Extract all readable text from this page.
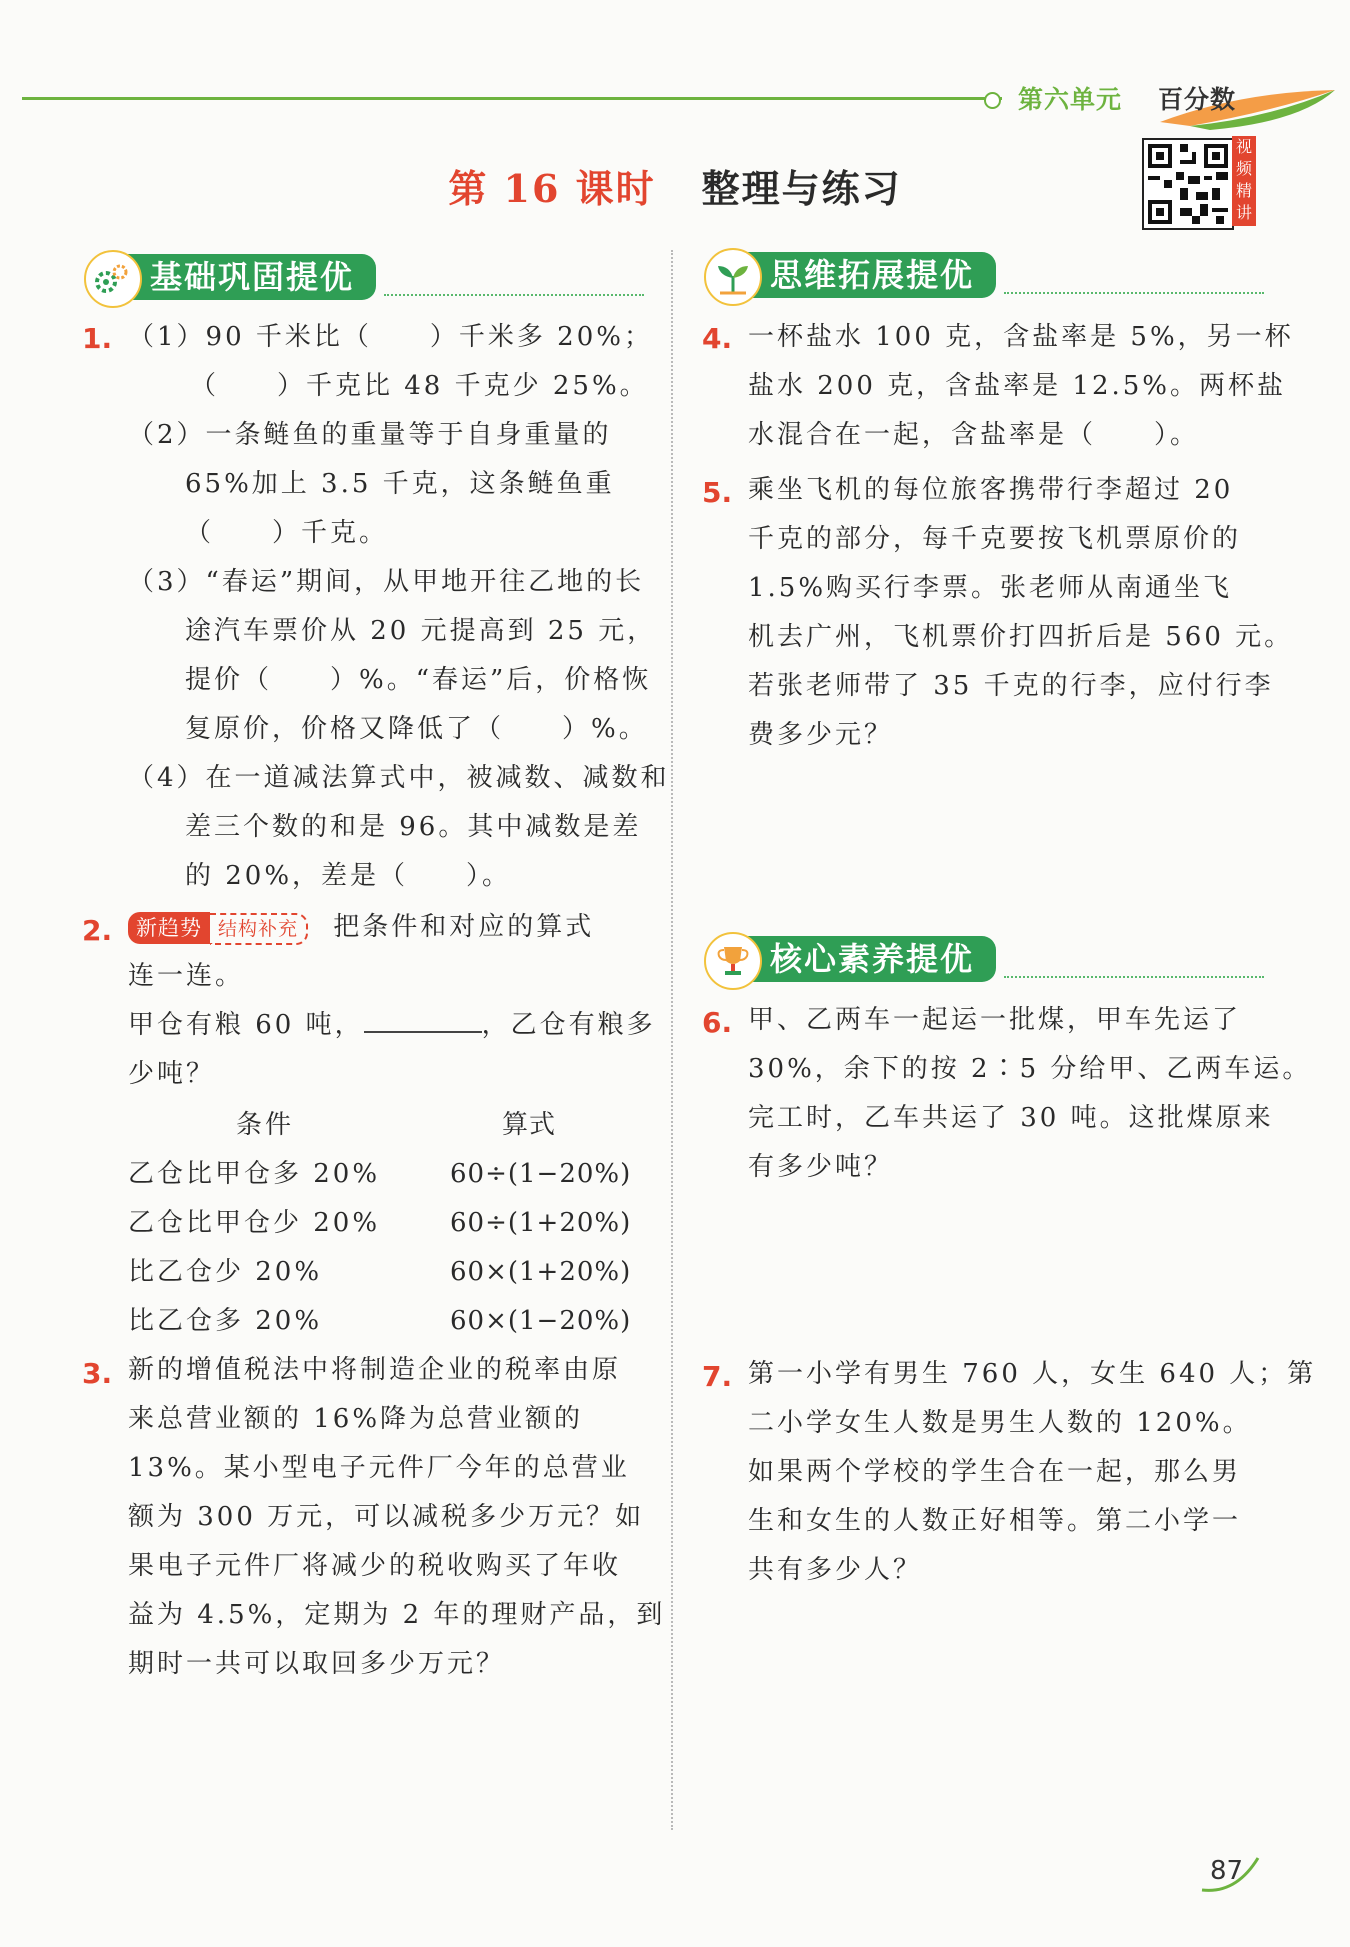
第六单元 百分数
第 16 课时 整理与练习
视频精讲
基础巩固提优
1. （1）90 千米比（　　）千米多 20%；
（　　）千克比 48 千克少 25%。
（2）一条鲢鱼的重量等于自身重量的
65%加上 3.5 千克，这条鲢鱼重
（　　）千克。
（3）“春运”期间，从甲地开往乙地的长
途汽车票价从 20 元提高到 25 元，
提价（　　）%。“春运”后，价格恢
复原价，价格又降低了（　　）%。
（4）在一道减法算式中，被减数、减数和
差三个数的和是 96。其中减数是差
的 20%，差是（　　）。
2.	新趋势 结构补充 把条件和对应的算式
连一连。
甲仓有粮 60 吨，	，乙仓有粮多
少吨？
条件	算式
乙仓比甲仓多 20%	60÷(1−20%)
乙仓比甲仓少 20%	60÷(1+20%)
比乙仓少 20%	60×(1+20%)
比乙仓多 20%	60×(1−20%)
3. 新的增值税法中将制造企业的税率由原
来总营业额的 16%降为总营业额的
13%。某小型电子元件厂今年的总营业
额为 300 万元，可以减税多少万元？如
果电子元件厂将减少的税收购买了年收
益为 4.5%，定期为 2 年的理财产品，到
期时一共可以取回多少万元？
思维拓展提优
4. 一杯盐水 100 克，含盐率是 5%，另一杯
盐水 200 克，含盐率是 12.5%。两杯盐
水混合在一起，含盐率是（　　）。
5. 乘坐飞机的每位旅客携带行李超过 20
千克的部分，每千克要按飞机票原价的
1.5%购买行李票。张老师从南通坐飞
机去广州，飞机票价打四折后是 560 元。
若张老师带了 35 千克的行李，应付行李
费多少元？
核心素养提优
6. 甲、乙两车一起运一批煤，甲车先运了
30%，余下的按 2∶5 分给甲、乙两车运。
完工时，乙车共运了 30 吨。这批煤原来
有多少吨？
7. 第一小学有男生 760 人，女生 640 人；第
二小学女生人数是男生人数的 120%。
如果两个学校的学生合在一起，那么男
生和女生的人数正好相等。第二小学一
共有多少人？
87
